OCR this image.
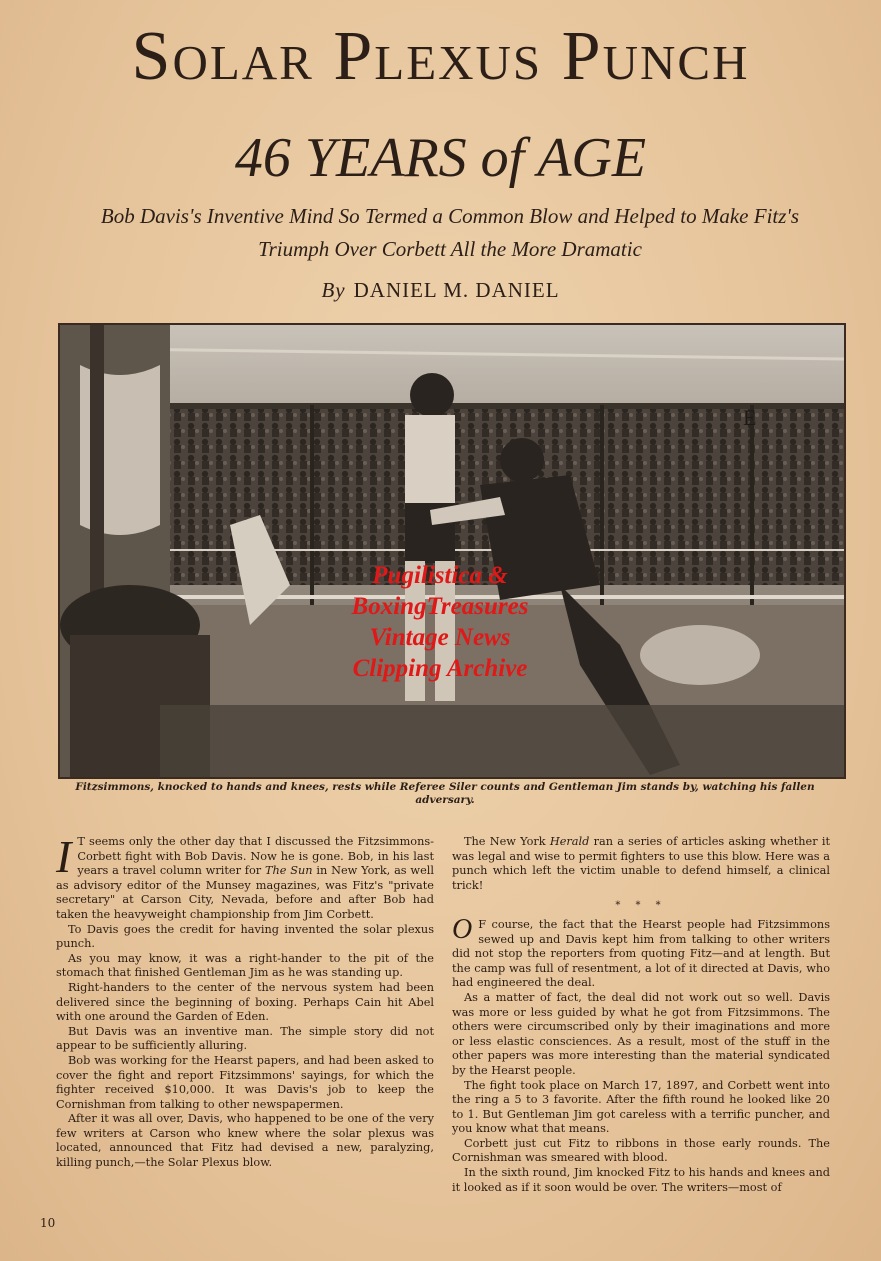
Solar Plexus Punch
46 YEARS of AGE
Bob Davis's Inventive Mind So Termed a Common Blow and Helped to Make Fitz's Triumph Over Corbett All the More Dramatic
By DANIEL M. DANIEL
E
Pugilistica &
BoxingTreasures
Vintage News
Clipping Archive
Fitzsimmons, knocked to hands and knees, rests while Referee Siler counts and Gentleman Jim stands by, watching his fallen adversary.

I T seems only the other day that I discussed the Fitzsimmons-Corbett fight with Bob Davis. Now he is gone. Bob, in his last years a travel column writer for The Sun in New York, as well as advisory editor of the Munsey magazines, was Fitz's "private secretary" at Carson City, Nevada, before and after Bob had taken the heavyweight championship from Jim Corbett.

To Davis goes the credit for having invented the solar plexus punch.

As you may know, it was a right-hander to the pit of the stomach that finished Gentleman Jim as he was standing up.

Right-handers to the center of the nervous system had been delivered since the beginning of boxing. Perhaps Cain hit Abel with one around the Garden of Eden.

But Davis was an inventive man. The simple story did not appear to be sufficiently alluring.

Bob was working for the Hearst papers, and had been asked to cover the fight and report Fitzsimmons' sayings, for which the fighter received $10,000. It was Davis's job to keep the Cornishman from talking to other newspapermen.

After it was all over, Davis, who happened to be one of the very few writers at Carson who knew where the solar plexus was located, announced that Fitz had devised a new, paralyzing, killing punch,—the Solar Plexus blow.

The New York Herald ran a series of articles asking whether it was legal and wise to permit fighters to use this blow. Here was a punch which left the victim unable to defend himself, a clinical trick!

* * *

O F course, the fact that the Hearst people had Fitzsimmons sewed up and Davis kept him from talking to other writers did not stop the reporters from quoting Fitz—and at length. But the camp was full of resentment, a lot of it directed at Davis, who had engineered the deal.

As a matter of fact, the deal did not work out so well. Davis was more or less guided by what he got from Fitzsimmons. The others were circumscribed only by their imaginations and more or less elastic consciences. As a result, most of the stuff in the other papers was more interesting than the material syndicated by the Hearst people.

The fight took place on March 17, 1897, and Corbett went into the ring a 5 to 3 favorite. After the fifth round he looked like 20 to 1. But Gentleman Jim got careless with a terrific puncher, and you know what that means.

Corbett just cut Fitz to ribbons in those early rounds. The Cornishman was smeared with blood.

In the sixth round, Jim knocked Fitz to his hands and knees and it looked as if it soon would be over. The writers—most of

10
